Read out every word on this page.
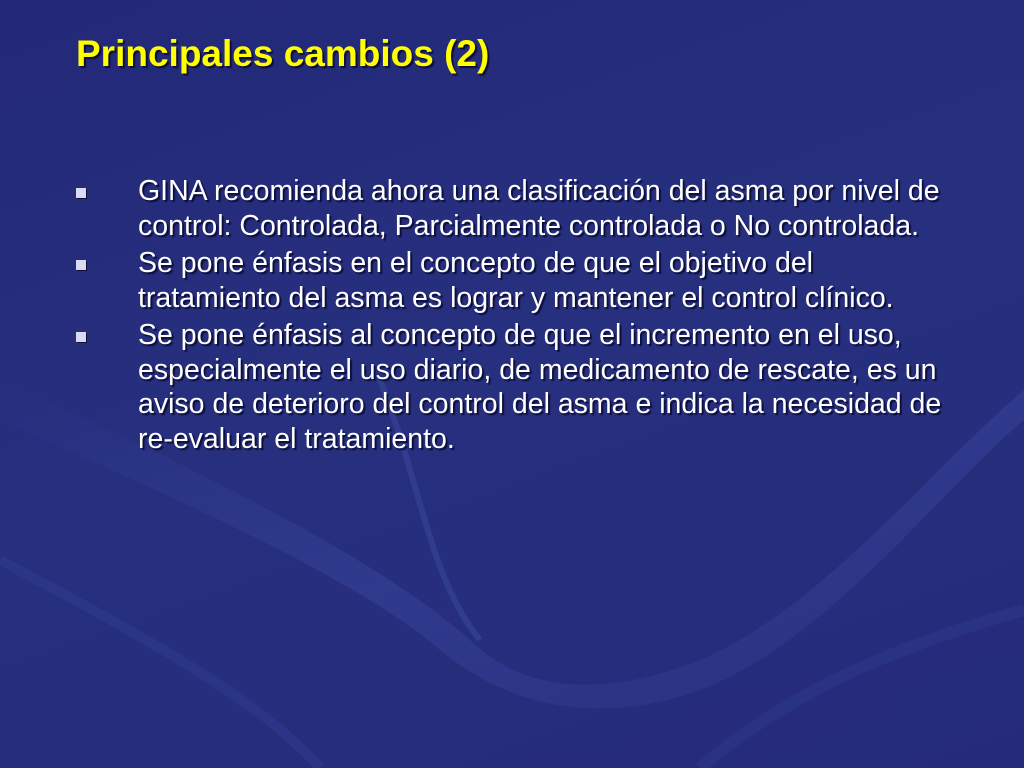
Principales cambios (2)
GINA recomienda ahora una clasificación del asma por nivel de control: Controlada, Parcialmente controlada o No controlada.
Se pone énfasis en el concepto de que el objetivo del tratamiento del asma es lograr y mantener el control clínico.
Se pone énfasis al concepto de que el incremento en el uso, especialmente el uso diario, de medicamento de rescate, es un aviso de deterioro del control del asma e indica la necesidad de re-evaluar el tratamiento.
